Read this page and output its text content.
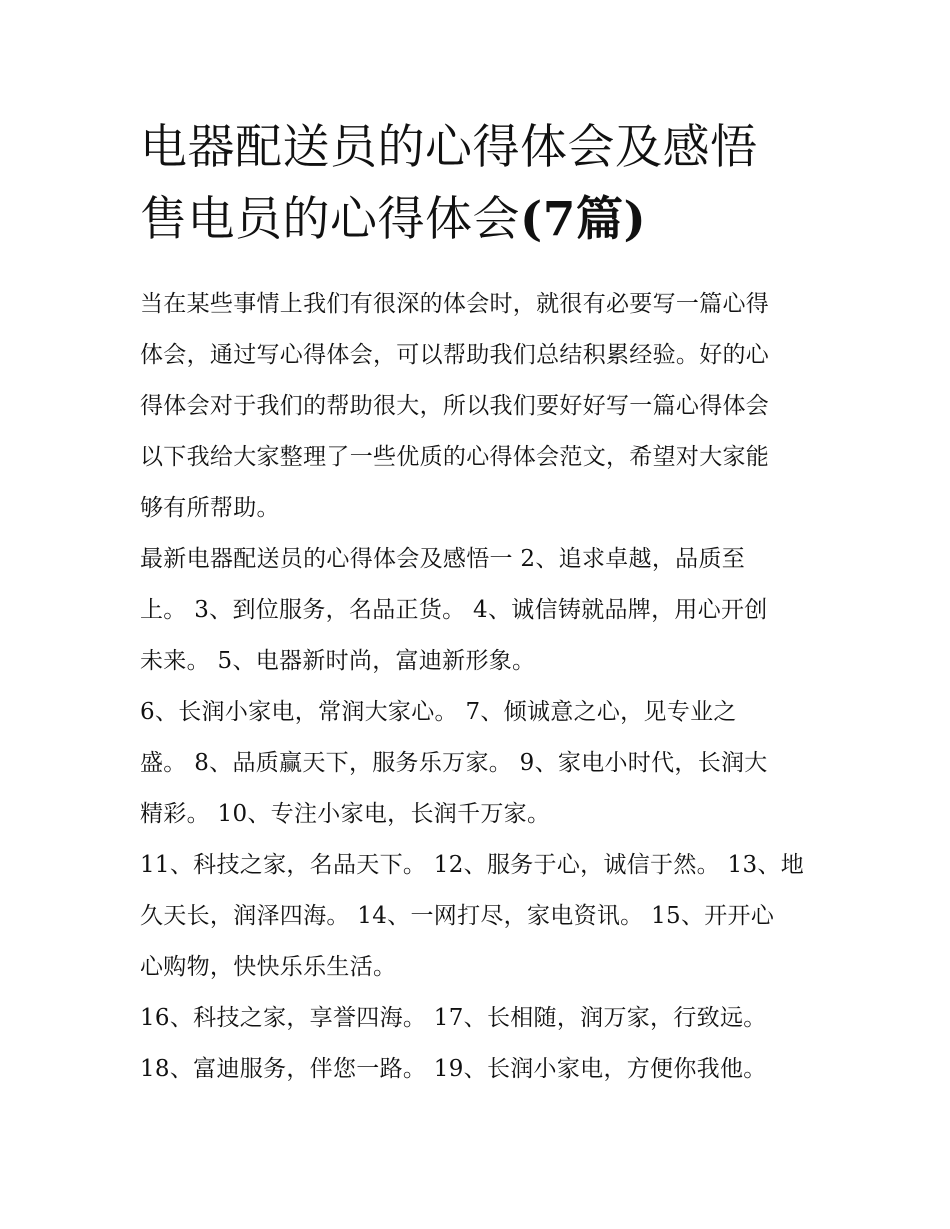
电器配送员的心得体会及感悟
售电员的心得体会(7篇)
当在某些事情上我们有很深的体会时，就很有必要写一篇心得
体会，通过写心得体会，可以帮助我们总结积累经验。好的心
得体会对于我们的帮助很大，所以我们要好好写一篇心得体会
以下我给大家整理了一些优质的心得体会范文，希望对大家能
够有所帮助。
最新电器配送员的心得体会及感悟一 2、追求卓越，品质至
上。 3、到位服务，名品正货。 4、诚信铸就品牌，用心开创
未来。 5、电器新时尚，富迪新形象。
6、长润小家电，常润大家心。 7、倾诚意之心，见专业之
盛。 8、品质赢天下，服务乐万家。 9、家电小时代，长润大
精彩。 10、专注小家电，长润千万家。
11、科技之家，名品天下。 12、服务于心，诚信于然。 13、地
久天长，润泽四海。 14、一网打尽，家电资讯。 15、开开心
心购物，快快乐乐生活。
16、科技之家，享誉四海。 17、长相随，润万家，行致远。
18、富迪服务，伴您一路。 19、长润小家电，方便你我他。
